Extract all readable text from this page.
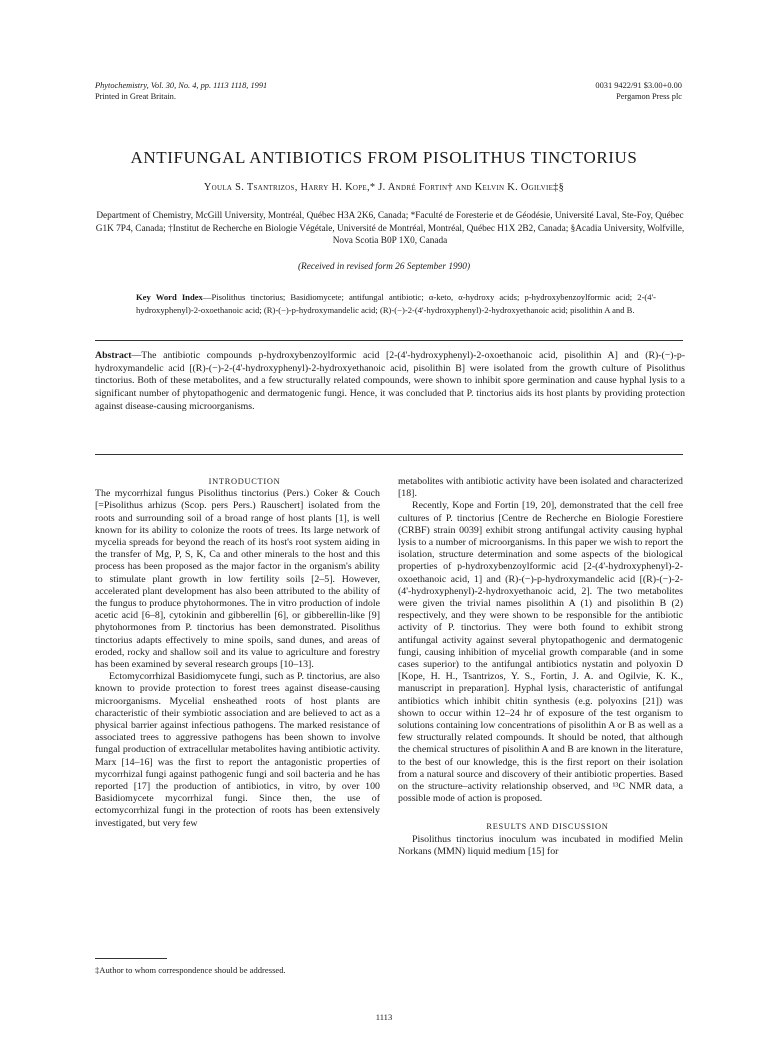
Phytochemistry, Vol. 30, No. 4, pp. 1113 1118, 1991
Printed in Great Britain.
0031 9422/91 $3.00+0.00
Pergamon Press plc
ANTIFUNGAL ANTIBIOTICS FROM PISOLITHUS TINCTORIUS
Youla S. Tsantrizos, Harry H. Kope,* J. André Fortin† and Kelvin K. Ogilvie‡§
Department of Chemistry, McGill University, Montréal, Québec H3A 2K6, Canada; *Faculté de Foresterie et de Géodésie, Université Laval, Ste-Foy, Québec G1K 7P4, Canada; †Institut de Recherche en Biologie Végétale, Université de Montréal, Montréal, Québec H1X 2B2, Canada; §Acadia University, Wolfville, Nova Scotia B0P 1X0, Canada
(Received in revised form 26 September 1990)
Key Word Index—Pisolithus tinctorius; Basidiomycete; antifungal antibiotic; α-keto, α-hydroxy acids; p-hydroxybenzoylformic acid; 2-(4'-hydroxyphenyl)-2-oxoethanoic acid; (R)-(−)-p-hydroxymandelic acid; (R)-(−)-2-(4'-hydroxyphenyl)-2-hydroxyethanoic acid; pisolithin A and B.
Abstract—The antibiotic compounds p-hydroxybenzoylformic acid [2-(4'-hydroxyphenyl)-2-oxoethanoic acid, pisolithin A] and (R)-(−)-p-hydroxymandelic acid [(R)-(−)-2-(4'-hydroxyphenyl)-2-hydroxyethanoic acid, pisolithin B] were isolated from the growth culture of Pisolithus tinctorius. Both of these metabolites, and a few structurally related compounds, were shown to inhibit spore germination and cause hyphal lysis to a significant number of phytopathogenic and dermatogenic fungi. Hence, it was concluded that P. tinctorius aids its host plants by providing protection against disease-causing microorganisms.

INTRODUCTION

The mycorrhizal fungus Pisolithus tinctorius (Pers.) Coker & Couch [=Pisolithus arhizus (Scop. pers Pers.) Rauschert] isolated from the roots and surrounding soil of a broad range of host plants [1], is well known for its ability to colonize the roots of trees. Its large network of mycelia spreads for beyond the reach of its host's root system aiding in the transfer of Mg, P, S, K, Ca and other minerals to the host and this process has been proposed as the major factor in the organism's ability to stimulate plant growth in low fertility soils [2–5]. However, accelerated plant development has also been attributed to the ability of the fungus to produce phytohormones. The in vitro production of indole acetic acid [6–8], cytokinin and gibberellin [6], or gibberellin-like [9] phytohormones from P. tinctorius has been demonstrated. Pisolithus tinctorius adapts effectively to mine spoils, sand dunes, and areas of eroded, rocky and shallow soil and its value to agriculture and forestry has been examined by several research groups [10–13].

Ectomycorrhizal Basidiomycete fungi, such as P. tinctorius, are also known to provide protection to forest trees against disease-causing microorganisms. Mycelial ensheathed roots of host plants are characteristic of their symbiotic association and are believed to act as a physical barrier against infectious pathogens. The marked resistance of associated trees to aggressive pathogens has been shown to involve fungal production of extracellular metabolites having antibiotic activity. Marx [14–16] was the first to report the antagonistic properties of mycorrhizal fungi against pathogenic fungi and soil bacteria and he has reported [17] the production of antibiotics, in vitro, by over 100 Basidiomycete mycorrhizal fungi. Since then, the use of ectomycorrhizal fungi in the protection of roots has been extensively investigated, but very few

metabolites with antibiotic activity have been isolated and characterized [18].

Recently, Kope and Fortin [19, 20], demonstrated that the cell free cultures of P. tinctorius [Centre de Recherche en Biologie Forestiere (CRBF) strain 0039] exhibit strong antifungal activity causing hyphal lysis to a number of microorganisms. In this paper we wish to report the isolation, structure determination and some aspects of the biological properties of p-hydroxybenzoylformic acid [2-(4'-hydroxyphenyl)-2-oxoethanoic acid, 1] and (R)-(−)-p-hydroxymandelic acid [(R)-(−)-2-(4'-hydroxyphenyl)-2-hydroxyethanoic acid, 2]. The two metabolites were given the trivial names pisolithin A (1) and pisolithin B (2) respectively, and they were shown to be responsible for the antibiotic activity of P. tinctorius. They were both found to exhibit strong antifungal activity against several phytopathogenic and dermatogenic fungi, causing inhibition of mycelial growth comparable (and in some cases superior) to the antifungal antibiotics nystatin and polyoxin D [Kope, H. H., Tsantrizos, Y. S., Fortin, J. A. and Ogilvie, K. K., manuscript in preparation]. Hyphal lysis, characteristic of antifungal antibiotics which inhibit chitin synthesis (e.g. polyoxins [21]) was shown to occur within 12–24 hr of exposure of the test organism to solutions containing low concentrations of pisolithin A or B as well as a few structurally related compounds. It should be noted, that although the chemical structures of pisolithin A and B are known in the literature, to the best of our knowledge, this is the first report on their isolation from a natural source and discovery of their antibiotic properties. Based on the structure–activity relationship observed, and ¹³C NMR data, a possible mode of action is proposed.

RESULTS AND DISCUSSION

Pisolithus tinctorius inoculum was incubated in modified Melin Norkans (MMN) liquid medium [15] for

‡Author to whom correspondence should be addressed.
1113
